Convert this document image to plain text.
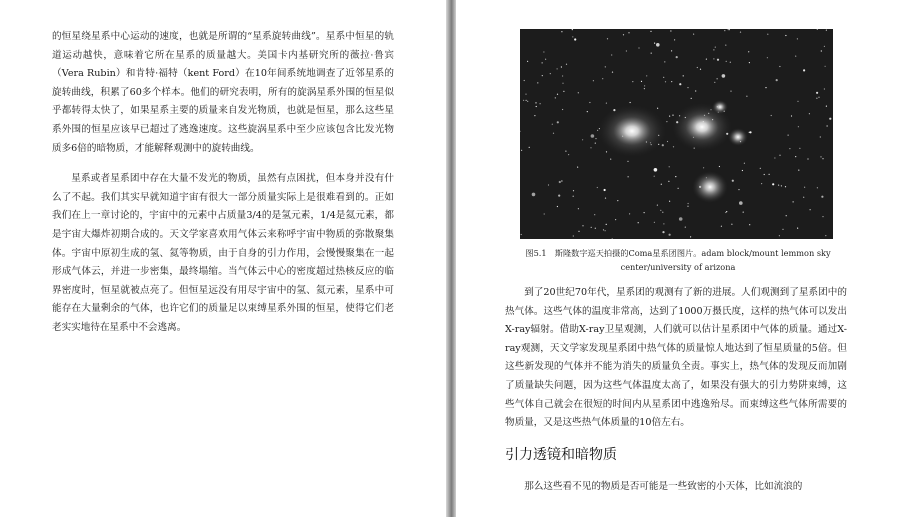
的恒星绕星系中心运动的速度，也就是所谓的“星系旋转曲线”。星系中恒星的轨道运动越快，意味着它所在星系的质量越大。美国卡内基研究所的薇拉·鲁宾（Vera Rubin）和肯特·福特（kent Ford）在10年间系统地调查了近邻星系的旋转曲线，积累了60多个样本。他们的研究表明，所有的旋涡星系外围的恒星似乎都转得太快了，如果星系主要的质量来自发光物质，也就是恒星，那么这些星系外围的恒星应该早已超过了逃逸速度。这些旋涡星系中至少应该包含比发光物质多6倍的暗物质，才能解释观测中的旋转曲线。

星系或者星系团中存在大量不发光的物质，虽然有点困扰，但本身并没有什么了不起。我们其实早就知道宇宙有很大一部分质量实际上是很难看到的。正如我们在上一章讨论的，宇宙中的元素中占质量3/4的是氢元素，1/4是氦元素，都是宇宙大爆炸初期合成的。天文学家喜欢用气体云来称呼宇宙中物质的弥散聚集体。宇宙中原初生成的氢、氦等物质，由于自身的引力作用，会慢慢聚集在一起形成气体云，并进一步密集，最终塌缩。当气体云中心的密度超过热核反应的临界密度时，恒星就被点亮了。但恒星远没有用尽宇宙中的氢、氦元素，星系中可能存在大量剩余的气体，也许它们的质量足以束缚星系外围的恒星，使得它们老老实实地待在星系中不会逃离。

图5.1　斯隆数字巡天拍摄的Coma星系团图片。adam block/mount lemmon sky center/university of arizona

到了20世纪70年代，星系团的观测有了新的进展。人们观测到了星系团中的热气体。这些气体的温度非常高，达到了1000万摄氏度，这样的热气体可以发出X-ray辐射。借助X-ray卫星观测，人们就可以估计星系团中气体的质量。通过X-ray观测，天文学家发现星系团中热气体的质量惊人地达到了恒星质量的5倍。但这些新发现的气体并不能为消失的质量负全责。事实上，热气体的发现反而加剧了质量缺失问题，因为这些气体温度太高了，如果没有强大的引力势阱束缚，这些气体自己就会在很短的时间内从星系团中逃逸殆尽。而束缚这些气体所需要的物质量，又是这些热气体质量的10倍左右。

引力透镜和暗物质
那么这些看不见的物质是否可能是一些致密的小天体，比如流浪的
